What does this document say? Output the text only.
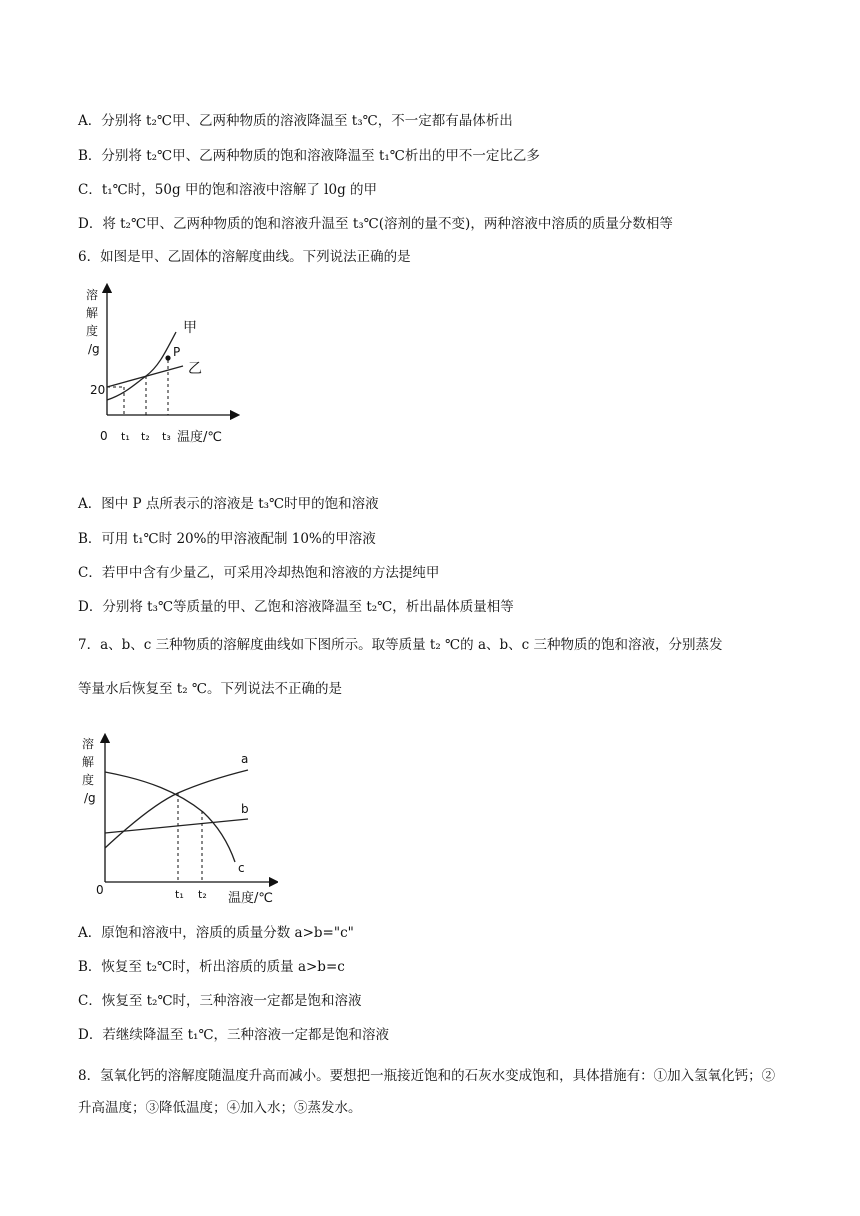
A．分别将 t₂℃甲、乙两种物质的溶液降温至 t₃℃，不一定都有晶体析出
B．分别将 t₂℃甲、乙两种物质的饱和溶液降温至 t₁℃析出的甲不一定比乙多
C．t₁℃时，50g 甲的饱和溶液中溶解了 l0g 的甲
D．将 t₂℃甲、乙两种物质的饱和溶液升温至 t₃℃(溶剂的量不变)，两种溶液中溶质的质量分数相等
6．如图是甲、乙固体的溶解度曲线。下列说法正确的是
溶
解
度
/g
20
P
甲
乙
0 t₁ t₂ t₃ 温度/℃
A．图中 P 点所表示的溶液是 t₃℃时甲的饱和溶液
B．可用 t₁℃时 20%的甲溶液配制 10%的甲溶液
C．若甲中含有少量乙，可采用冷却热饱和溶液的方法提纯甲
D．分别将 t₃℃等质量的甲、乙饱和溶液降温至 t₂℃，析出晶体质量相等
7．a、b、c 三种物质的溶解度曲线如下图所示。取等质量 t₂ ℃的 a、b、c 三种物质的饱和溶液，分别蒸发
等量水后恢复至 t₂ ℃。下列说法不正确的是
溶
解
度
/g
a
b
c
0	t₁ t₂ 温度/℃
A．原饱和溶液中，溶质的质量分数 a>b="c"
B．恢复至 t₂℃时，析出溶质的质量 a>b=c
C．恢复至 t₂℃时，三种溶液一定都是饱和溶液
D．若继续降温至 t₁℃，三种溶液一定都是饱和溶液
8．氢氧化钙的溶解度随温度升高而减小。要想把一瓶接近饱和的石灰水变成饱和，具体措施有：①加入氢氧化钙；②升高温度；③降低温度；④加入水；⑤蒸发水。
